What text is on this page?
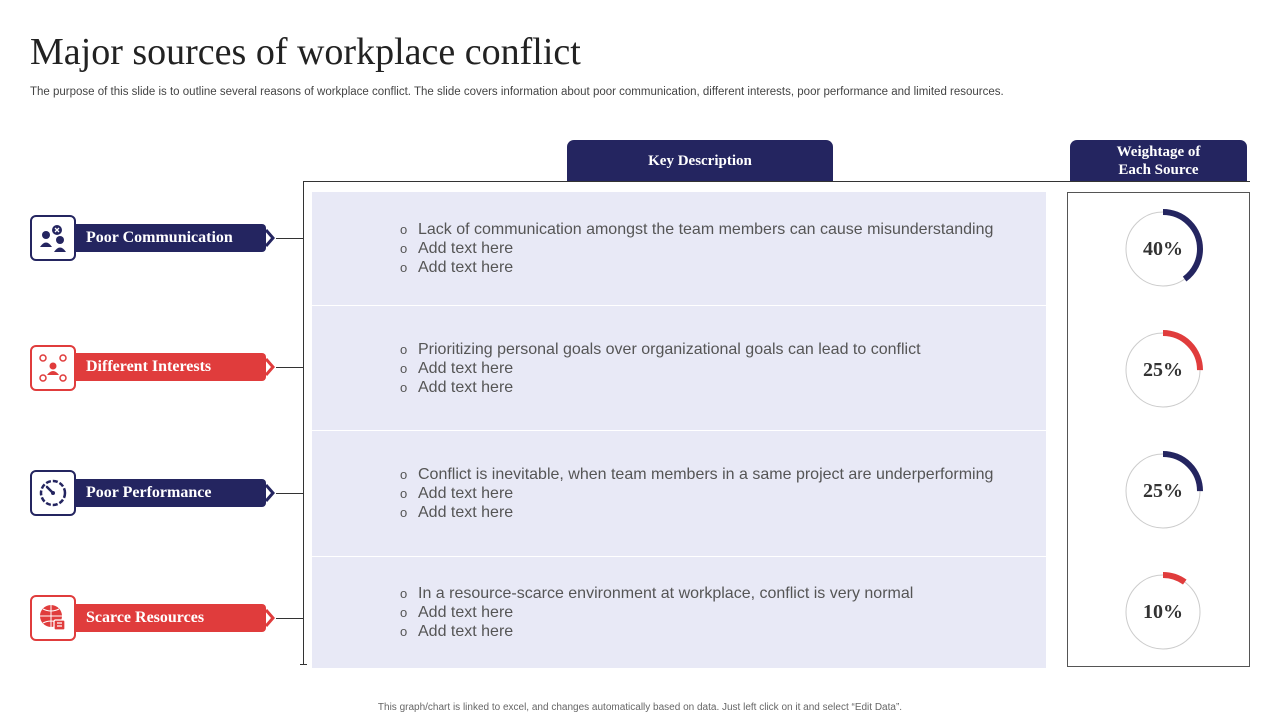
Major sources of workplace conflict

The purpose of this slide is to outline several reasons of workplace conflict. The slide covers information about poor communication, different interests, poor performance and limited resources.

Key Description
Weightage of Each Source
o Lack of communication amongst the team members can cause misunderstanding
o Add text here
o Add text here
o Prioritizing personal goals over organizational goals can lead to conflict
o Add text here
o Add text here
o Conflict is inevitable, when team members in a same project are underperforming
o Add text here
o Add text here
o In a resource-scarce environment at workplace, conflict is very normal
o Add text here
o Add text here
40%
25%
25%
10%
Poor Communication
Different Interests
Poor Performance
Scarce Resources
This graph/chart is linked to excel, and changes automatically based on data. Just left click on it and select “Edit Data”.
